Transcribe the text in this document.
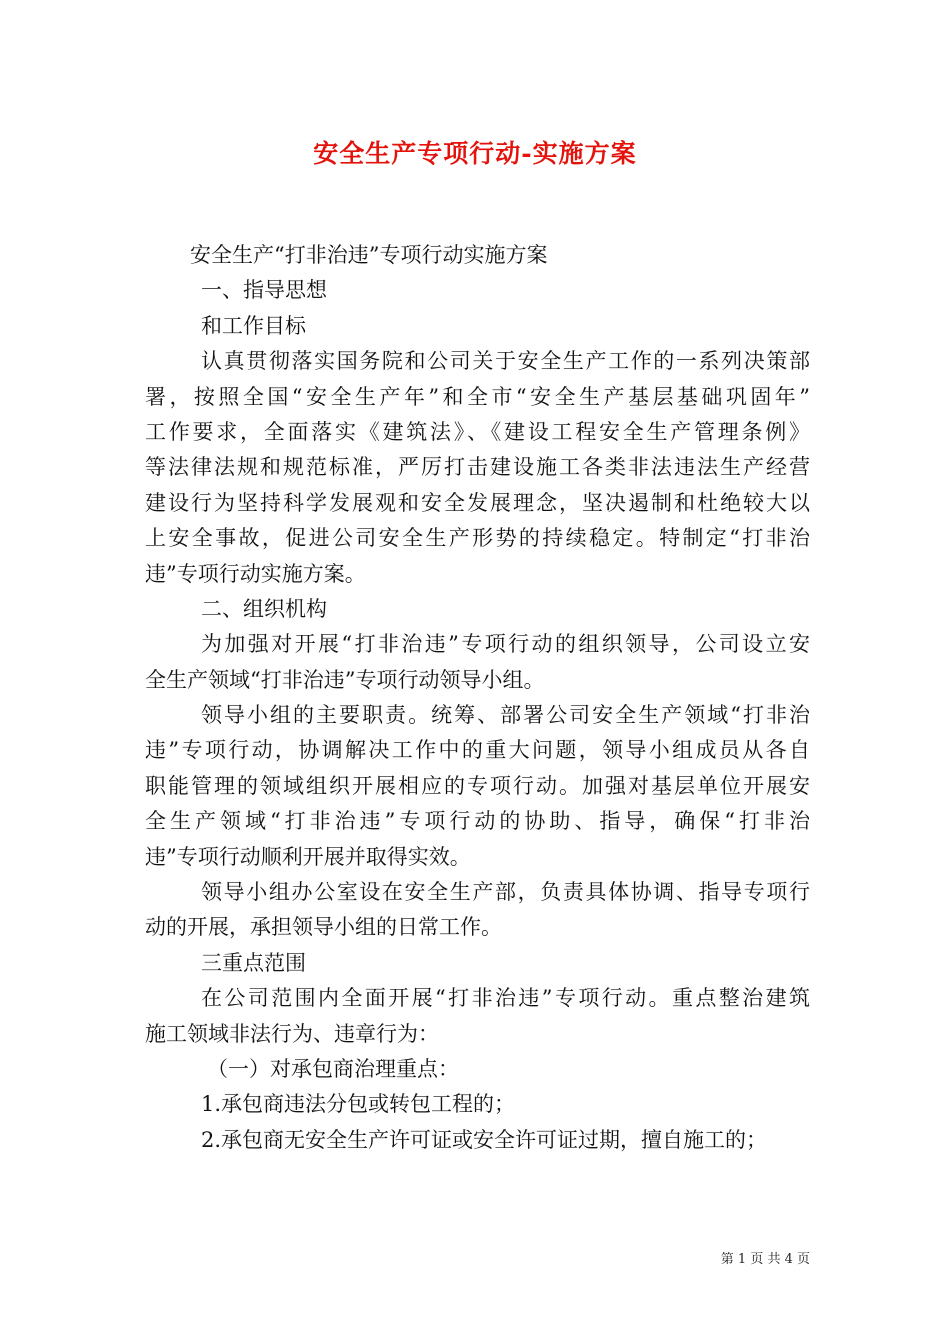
安全生产专项行动-实施方案
安全生产“打非治违”专项行动实施方案
一、指导思想
和工作目标
认真贯彻落实国务院和公司关于安全生产工作的一系列决策部
署，按照全国“安全生产年”和全市“安全生产基层基础巩固年”
工作要求，全面落实《建筑法》、《建设工程安全生产管理条例》
等法律法规和规范标准，严厉打击建设施工各类非法违法生产经营
建设行为坚持科学发展观和安全发展理念，坚决遏制和杜绝较大以
上安全事故，促进公司安全生产形势的持续稳定。特制定“打非治
违”专项行动实施方案。
二、组织机构
为加强对开展“打非治违”专项行动的组织领导，公司设立安
全生产领域“打非治违”专项行动领导小组。
领导小组的主要职责。统筹、部署公司安全生产领域“打非治
违”专项行动，协调解决工作中的重大问题，领导小组成员从各自
职能管理的领域组织开展相应的专项行动。加强对基层单位开展安
全生产领域“打非治违”专项行动的协助、指导，确保“打非治
违”专项行动顺利开展并取得实效。
领导小组办公室设在安全生产部，负责具体协调、指导专项行
动的开展，承担领导小组的日常工作。
三重点范围
在公司范围内全面开展“打非治违”专项行动。重点整治建筑
施工领域非法行为、违章行为：
（一）对承包商治理重点：
1.承包商违法分包或转包工程的；
2.承包商无安全生产许可证或安全许可证过期，擅自施工的；
第 1 页 共 4 页
